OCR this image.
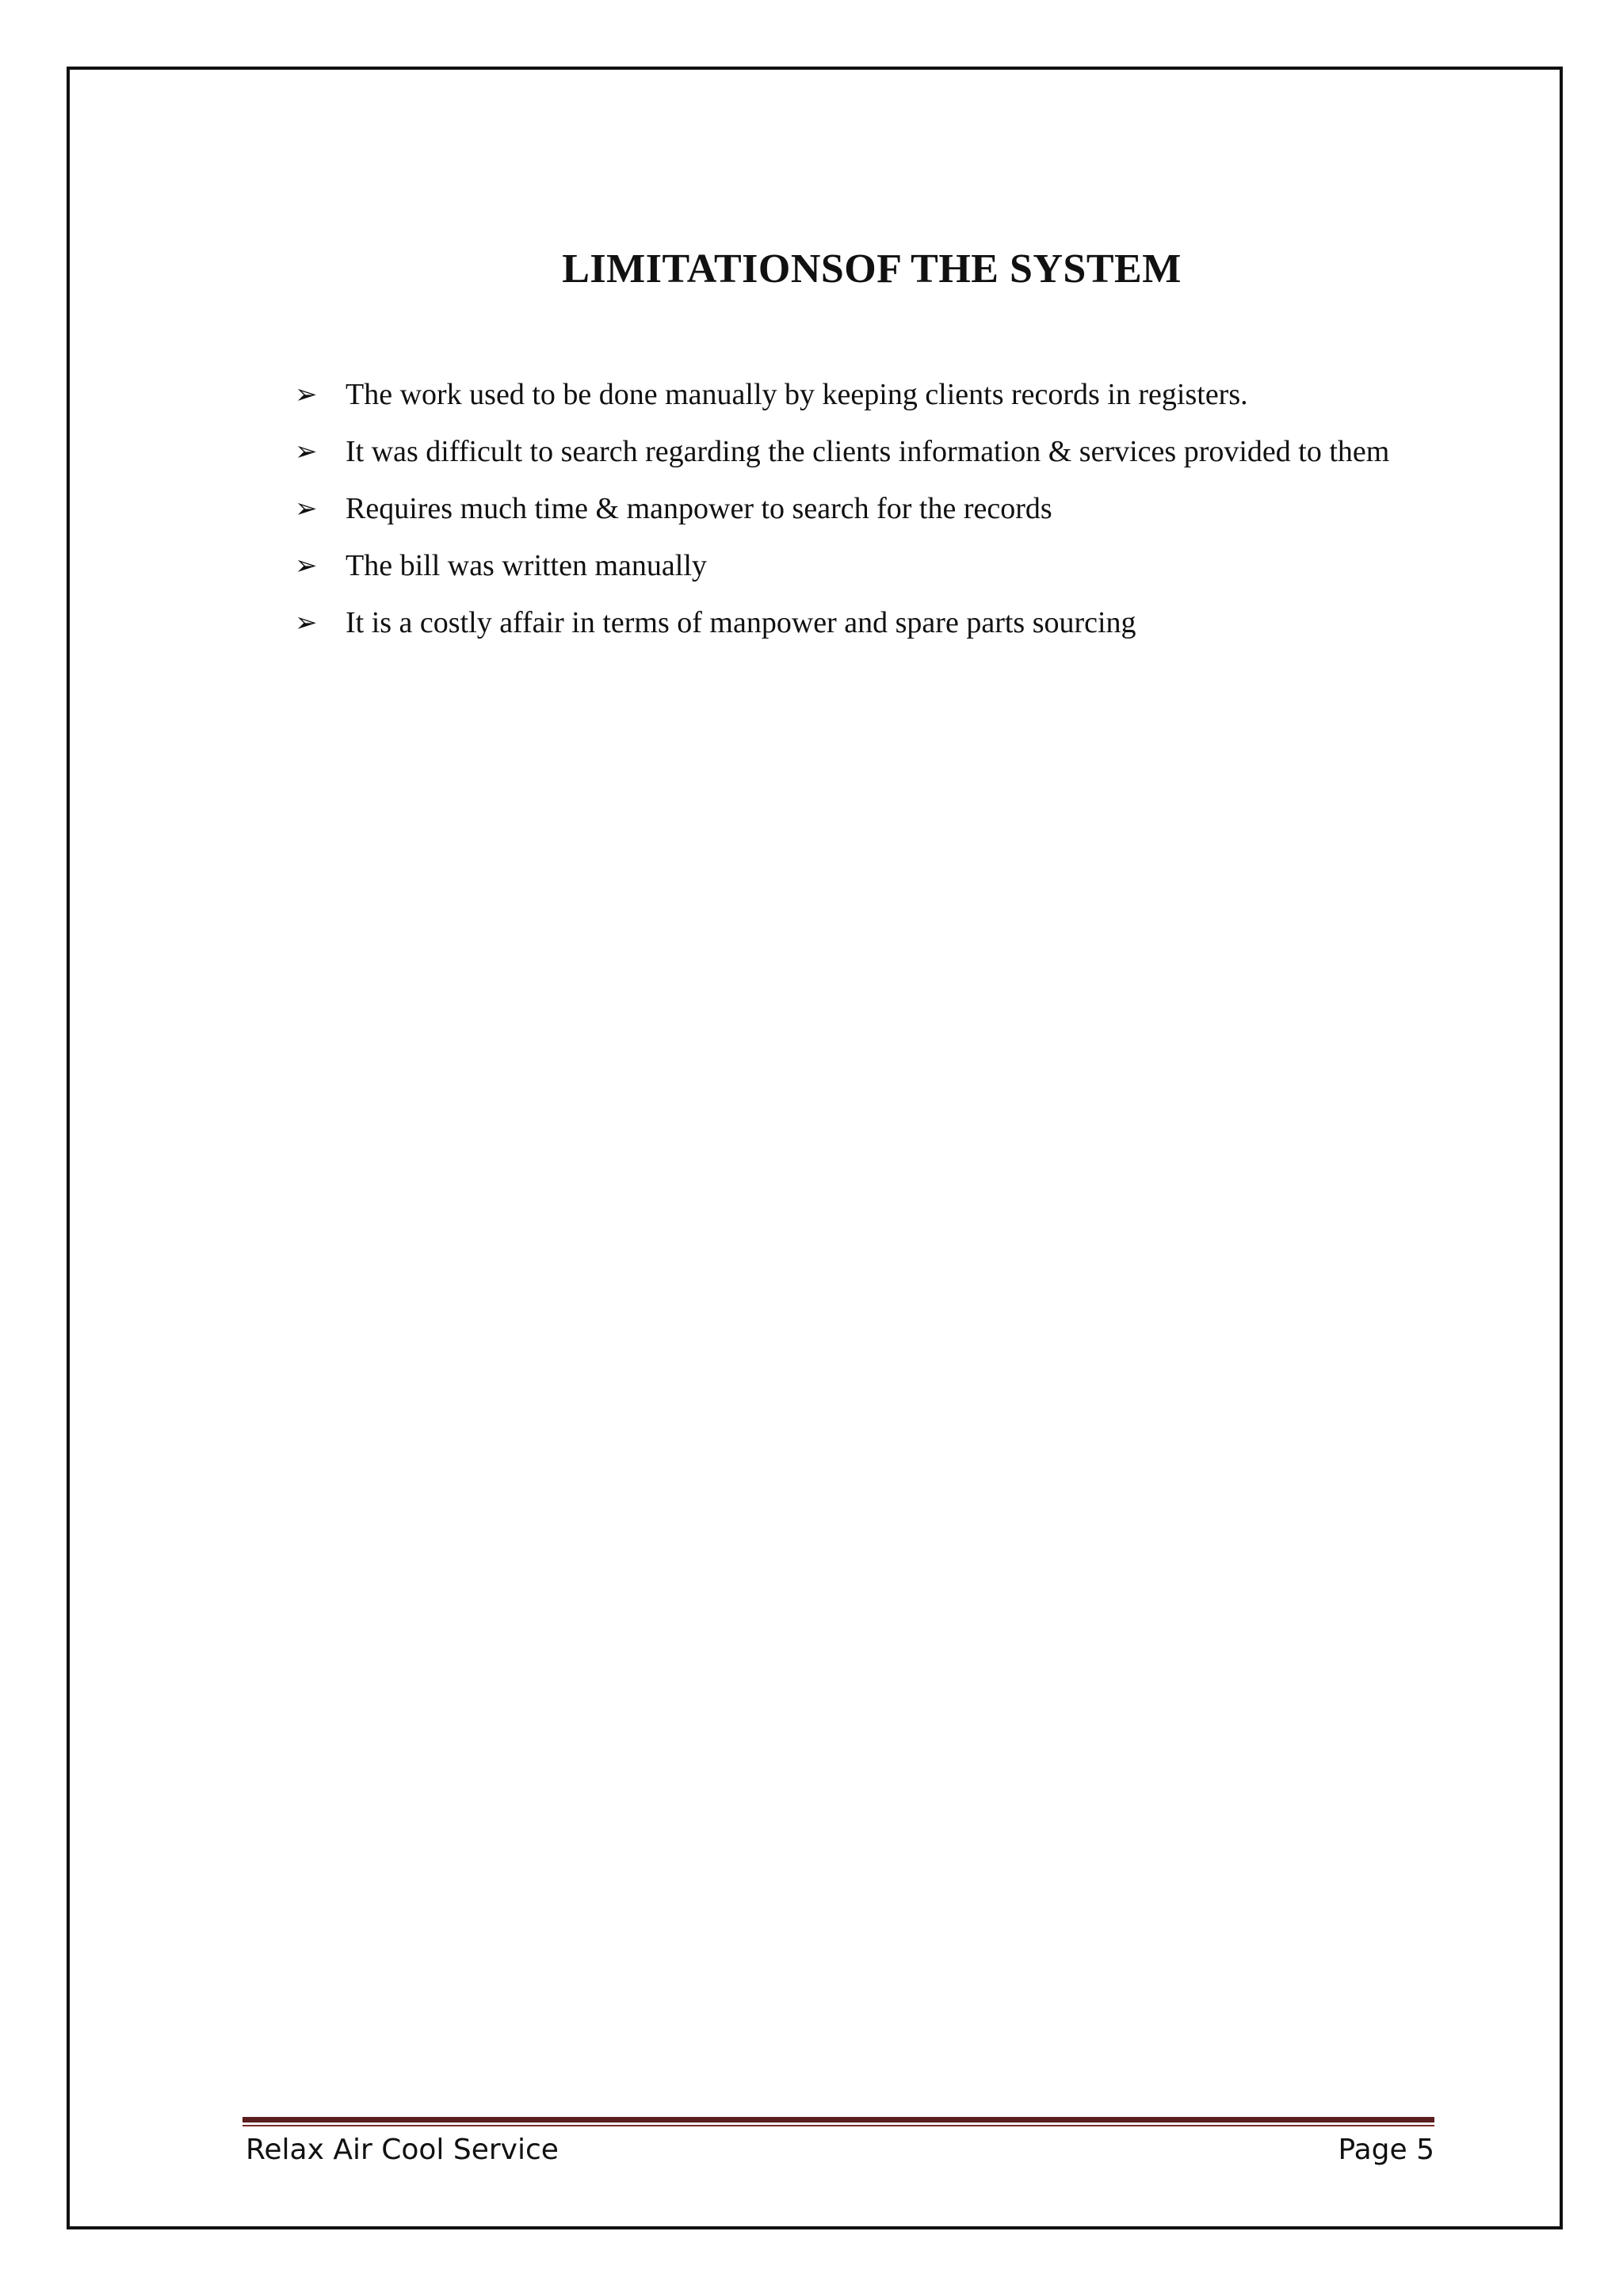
LIMITATIONSOF THE SYSTEM
➢ The work used to be done manually by keeping clients records in registers.
➢ It was difficult to search regarding the clients information & services provided to them
➢ Requires much time & manpower to search for the records
➢ The bill was written manually
➢ It is a costly affair in terms of manpower and spare parts sourcing
Relax Air Cool Service	Page 5
